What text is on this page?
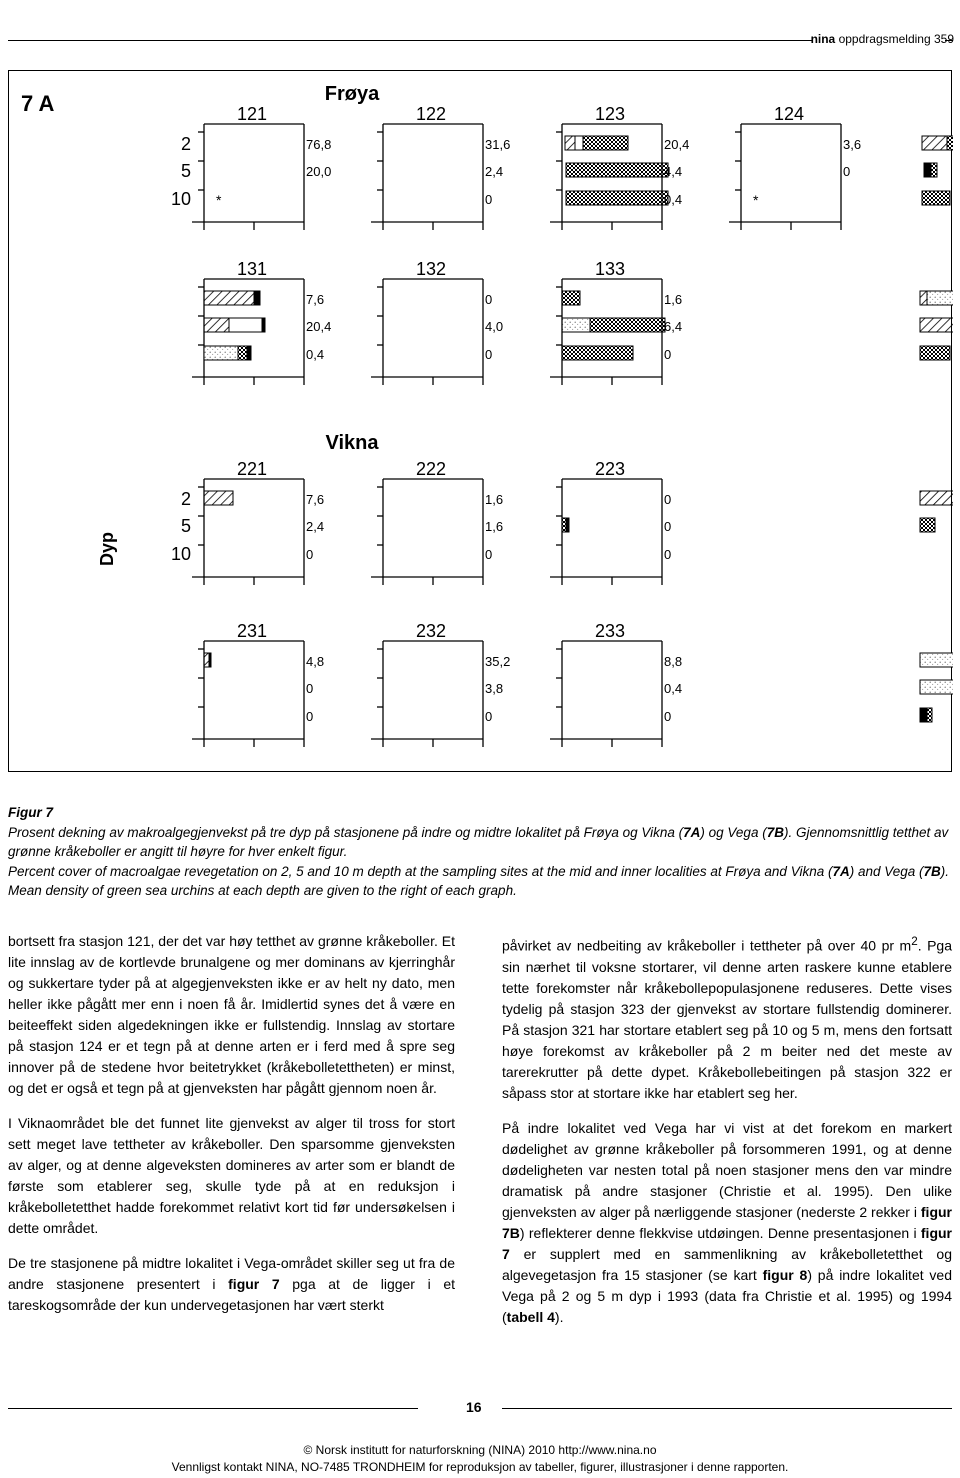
nina oppdragsmelding 359
121
76,8
20,0
*
122
31,6
2,4
0
123
20,4
4,4
0,4
124
3,6
0
*
131
7,6
20,4
0,4
132
0
4,0
0
133
1,6
6,4
0
221
7,6
2,4
0
222
1,6
1,6
0
223
0
0
0
231
4,8
0
0
232
35,2
3,8
0
233
8,8
0,4
0
7 A	Frøya
Vikna
2
5
10
2
5
10
Dyp
Figur 7
Prosent dekning av makroalgegjenvekst på tre dyp på stasjonene på indre og midtre lokalitet på Frøya og Vikna (7A) og Vega (7B). Gjennomsnittlig tetthet av grønne kråkeboller er angitt til høyre for hver enkelt figur.
Percent cover of macroalgae revegetation on 2, 5 and 10 m depth at the sampling sites at the mid and inner localities at Frøya and Vikna (7A) and Vega (7B). Mean density of green sea urchins at each depth are given to the right of each graph.

bortsett fra stasjon 121, der det var høy tetthet av grønne kråkeboller. Et lite innslag av de kortlevde brunalgene og mer dominans av kjerringhår og sukkertare tyder på at algegjenveksten ikke er av helt ny dato, men heller ikke pågått mer enn i noen få år. Imidlertid synes det å være en beiteeffekt siden algedekningen ikke er fullstendig. Innslag av stortare på stasjon 124 er et tegn på at denne arten er i ferd med å spre seg innover på de stedene hvor beitetrykket (kråkebolletettheten) er minst, og det er også et tegn på at gjenveksten har pågått gjennom noen år.

I Viknaområdet ble det funnet lite gjenvekst av alger til tross for stort sett meget lave tettheter av kråkeboller. Den sparsomme gjenveksten av alger, og at denne algeveksten domineres av arter som er blandt de første som etablerer seg, skulle tyde på at en reduksjon i kråkebolletetthet hadde forekommet relativt kort tid før undersøkelsen i dette området.

De tre stasjonene på midtre lokalitet i Vega-området skiller seg ut fra de andre stasjonene presentert i figur 7 pga at de ligger i et tareskogsområde der kun undervegetasjonen har vært sterkt

påvirket av nedbeiting av kråkeboller i tettheter på over 40 pr $m^2$. Pga sin nærhet til voksne stortarer, vil denne arten raskere kunne etablere tette forekomster når kråkebollepopulasjonene reduseres. Dette vises tydelig på stasjon 323 der gjenvekst av stortare fullstendig dominerer. På stasjon 321 har stortare etablert seg på 10 og 5 m, mens den fortsatt høye forekomst av kråkeboller på 2 m beiter ned det meste av tarerekrutter på dette dypet. Kråkebollebeitingen på stasjon 322 er såpass stor at stortare ikke har etablert seg her.

På indre lokalitet ved Vega har vi vist at det forekom en markert dødelighet av grønne kråkeboller på forsommeren 1991, og at denne dødeligheten var nesten total på noen stasjoner mens den var mindre dramatisk på andre stasjoner (Christie et al. 1995). Den ulike gjenveksten av alger på nærliggende stasjoner (nederste 2 rekker i figur 7B) reflekterer denne flekkvise utdøingen. Denne presentasjonen i figur 7 er supplert med en sammenlikning av kråkebolletetthet og algevegetasjon fra 15 stasjoner (se kart figur 8) på indre lokalitet ved Vega på 2 og 5 m dyp i 1993 (data fra Christie et al. 1995) og 1994 (tabell 4).

16
© Norsk institutt for naturforskning (NINA) 2010 http://www.nina.no
Vennligst kontakt NINA, NO-7485 TRONDHEIM for reproduksjon av tabeller, figurer, illustrasjoner i denne rapporten.
